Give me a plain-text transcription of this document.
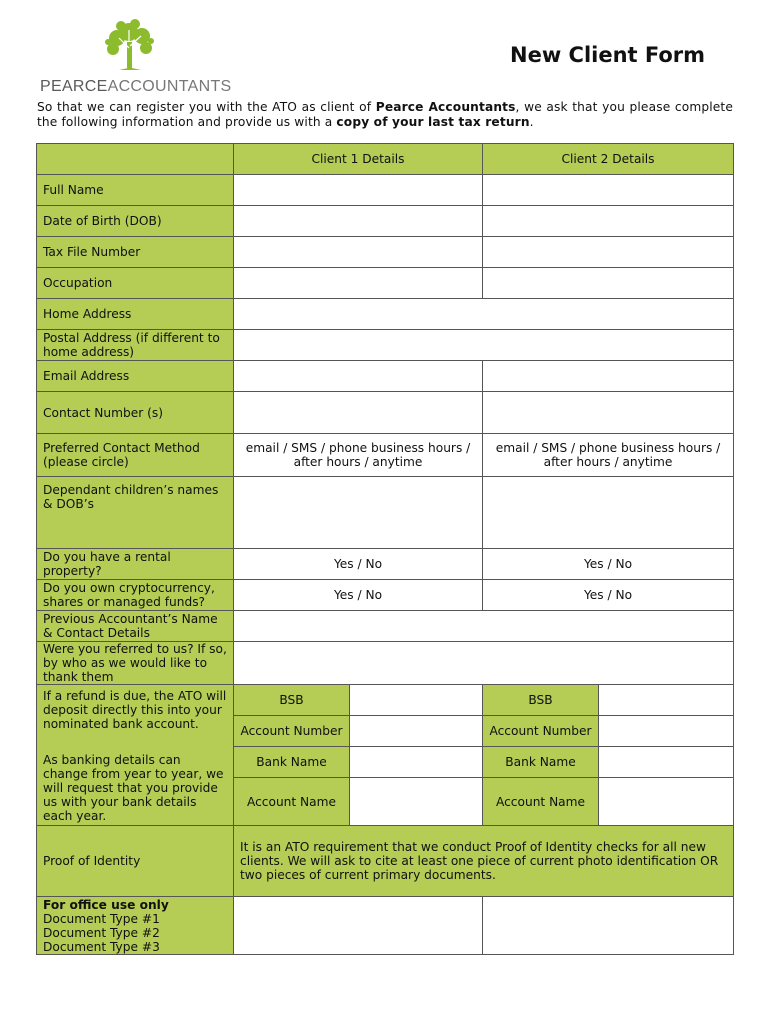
PEARCEACCOUNTANTS
New Client Form
So that we can register you with the ATO as client of Pearce Accountants, we ask that you please complete the following information and provide us with a copy of your last tax return.
	Client 1 Details		Client 2 Details	
Full Name				
Date of Birth (DOB)				
Tax File Number				
Occupation				
Home Address				
Postal Address (if different to home address)				
Email Address				
Contact Number (s)				
Preferred Contact Method (please circle)	email / SMS / phone business hours / after hours / anytime		email / SMS / phone business hours / after hours / anytime	
Dependant children’s names & DOB’s				
Do you have a rental property?	Yes / No		Yes / No	
Do you own cryptocurrency, shares or managed funds?	Yes / No		Yes / No	
Previous Accountant’s Name & Contact Details				
Were you referred to us? If so, by who as we would like to thank them				

If a refund is due, the ATO will deposit directly this into your nominated bank account.
As banking details can change from year to year, we will request that you provide us with your bank details each year.	BSB		BSB	
	Account Number		Account Number	
	Bank Name		Bank Name	
	Account Name		Account Name	
Proof of Identity	It is an ATO requirement that we conduct Proof of Identity checks for all new clients. We will ask to cite at least one piece of current photo identification OR two pieces of current primary documents.			

For office use only
Document Type #1
Document Type #2
Document Type #3				
